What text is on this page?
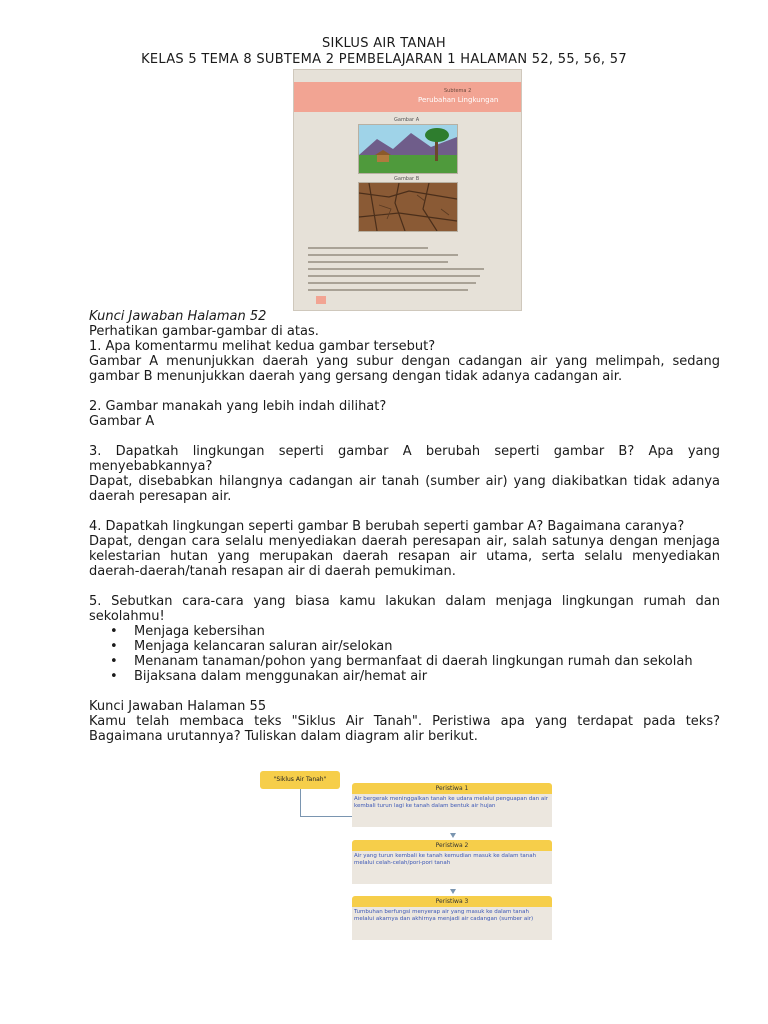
SIKLUS AIR TANAH
KELAS 5 TEMA 8 SUBTEMA 2 PEMBELAJARAN 1 HALAMAN 52, 55, 56, 57
Subtema 2
Perubahan Lingkungan
Gambar A
Gambar B
Kunci Jawaban Halaman 52
Perhatikan gambar-gambar di atas.
1. Apa komentarmu melihat kedua gambar tersebut?
Gambar A menunjukkan daerah yang subur dengan cadangan air yang melimpah, sedang gambar B menunjukkan daerah yang gersang dengan tidak adanya cadangan air.
2. Gambar manakah yang lebih indah dilihat?
Gambar A
3. Dapatkah lingkungan seperti gambar A berubah seperti gambar B? Apa yang menyebabkannya?
Dapat, disebabkan hilangnya cadangan air tanah (sumber air) yang diakibatkan tidak adanya daerah peresapan air.
4. Dapatkah lingkungan seperti gambar B berubah seperti gambar A? Bagaimana caranya?
Dapat, dengan cara selalu menyediakan daerah peresapan air, salah satunya dengan menjaga kelestarian hutan yang merupakan daerah resapan air utama, serta selalu menyediakan daerah-daerah/tanah resapan air di daerah pemukiman.
5. Sebutkan cara-cara yang biasa kamu lakukan dalam menjaga lingkungan rumah dan sekolahmu!
• Menjaga kebersihan
• Menjaga kelancaran saluran air/selokan
• Menanam tanaman/pohon yang bermanfaat di daerah lingkungan rumah dan sekolah
• Bijaksana dalam menggunakan air/hemat air
Kunci Jawaban Halaman 55
Kamu telah membaca teks "Siklus Air Tanah". Peristiwa apa yang terdapat pada teks? Bagaimana urutannya? Tuliskan dalam diagram alir berikut.
"Siklus Air Tanah"
Peristiwa 1
Air bergerak meninggalkan tanah ke udara melalui penguapan dan air kembali turun lagi ke tanah dalam bentuk air hujan
Peristiwa 2
Air yang turun kembali ke tanah kemudian masuk ke dalam tanah melalui celah-celah/pori-pori tanah
Peristiwa 3
Tumbuhan berfungsi menyerap air yang masuk ke dalam tanah melalui akarnya dan akhirnya menjadi air cadangan (sumber air)
